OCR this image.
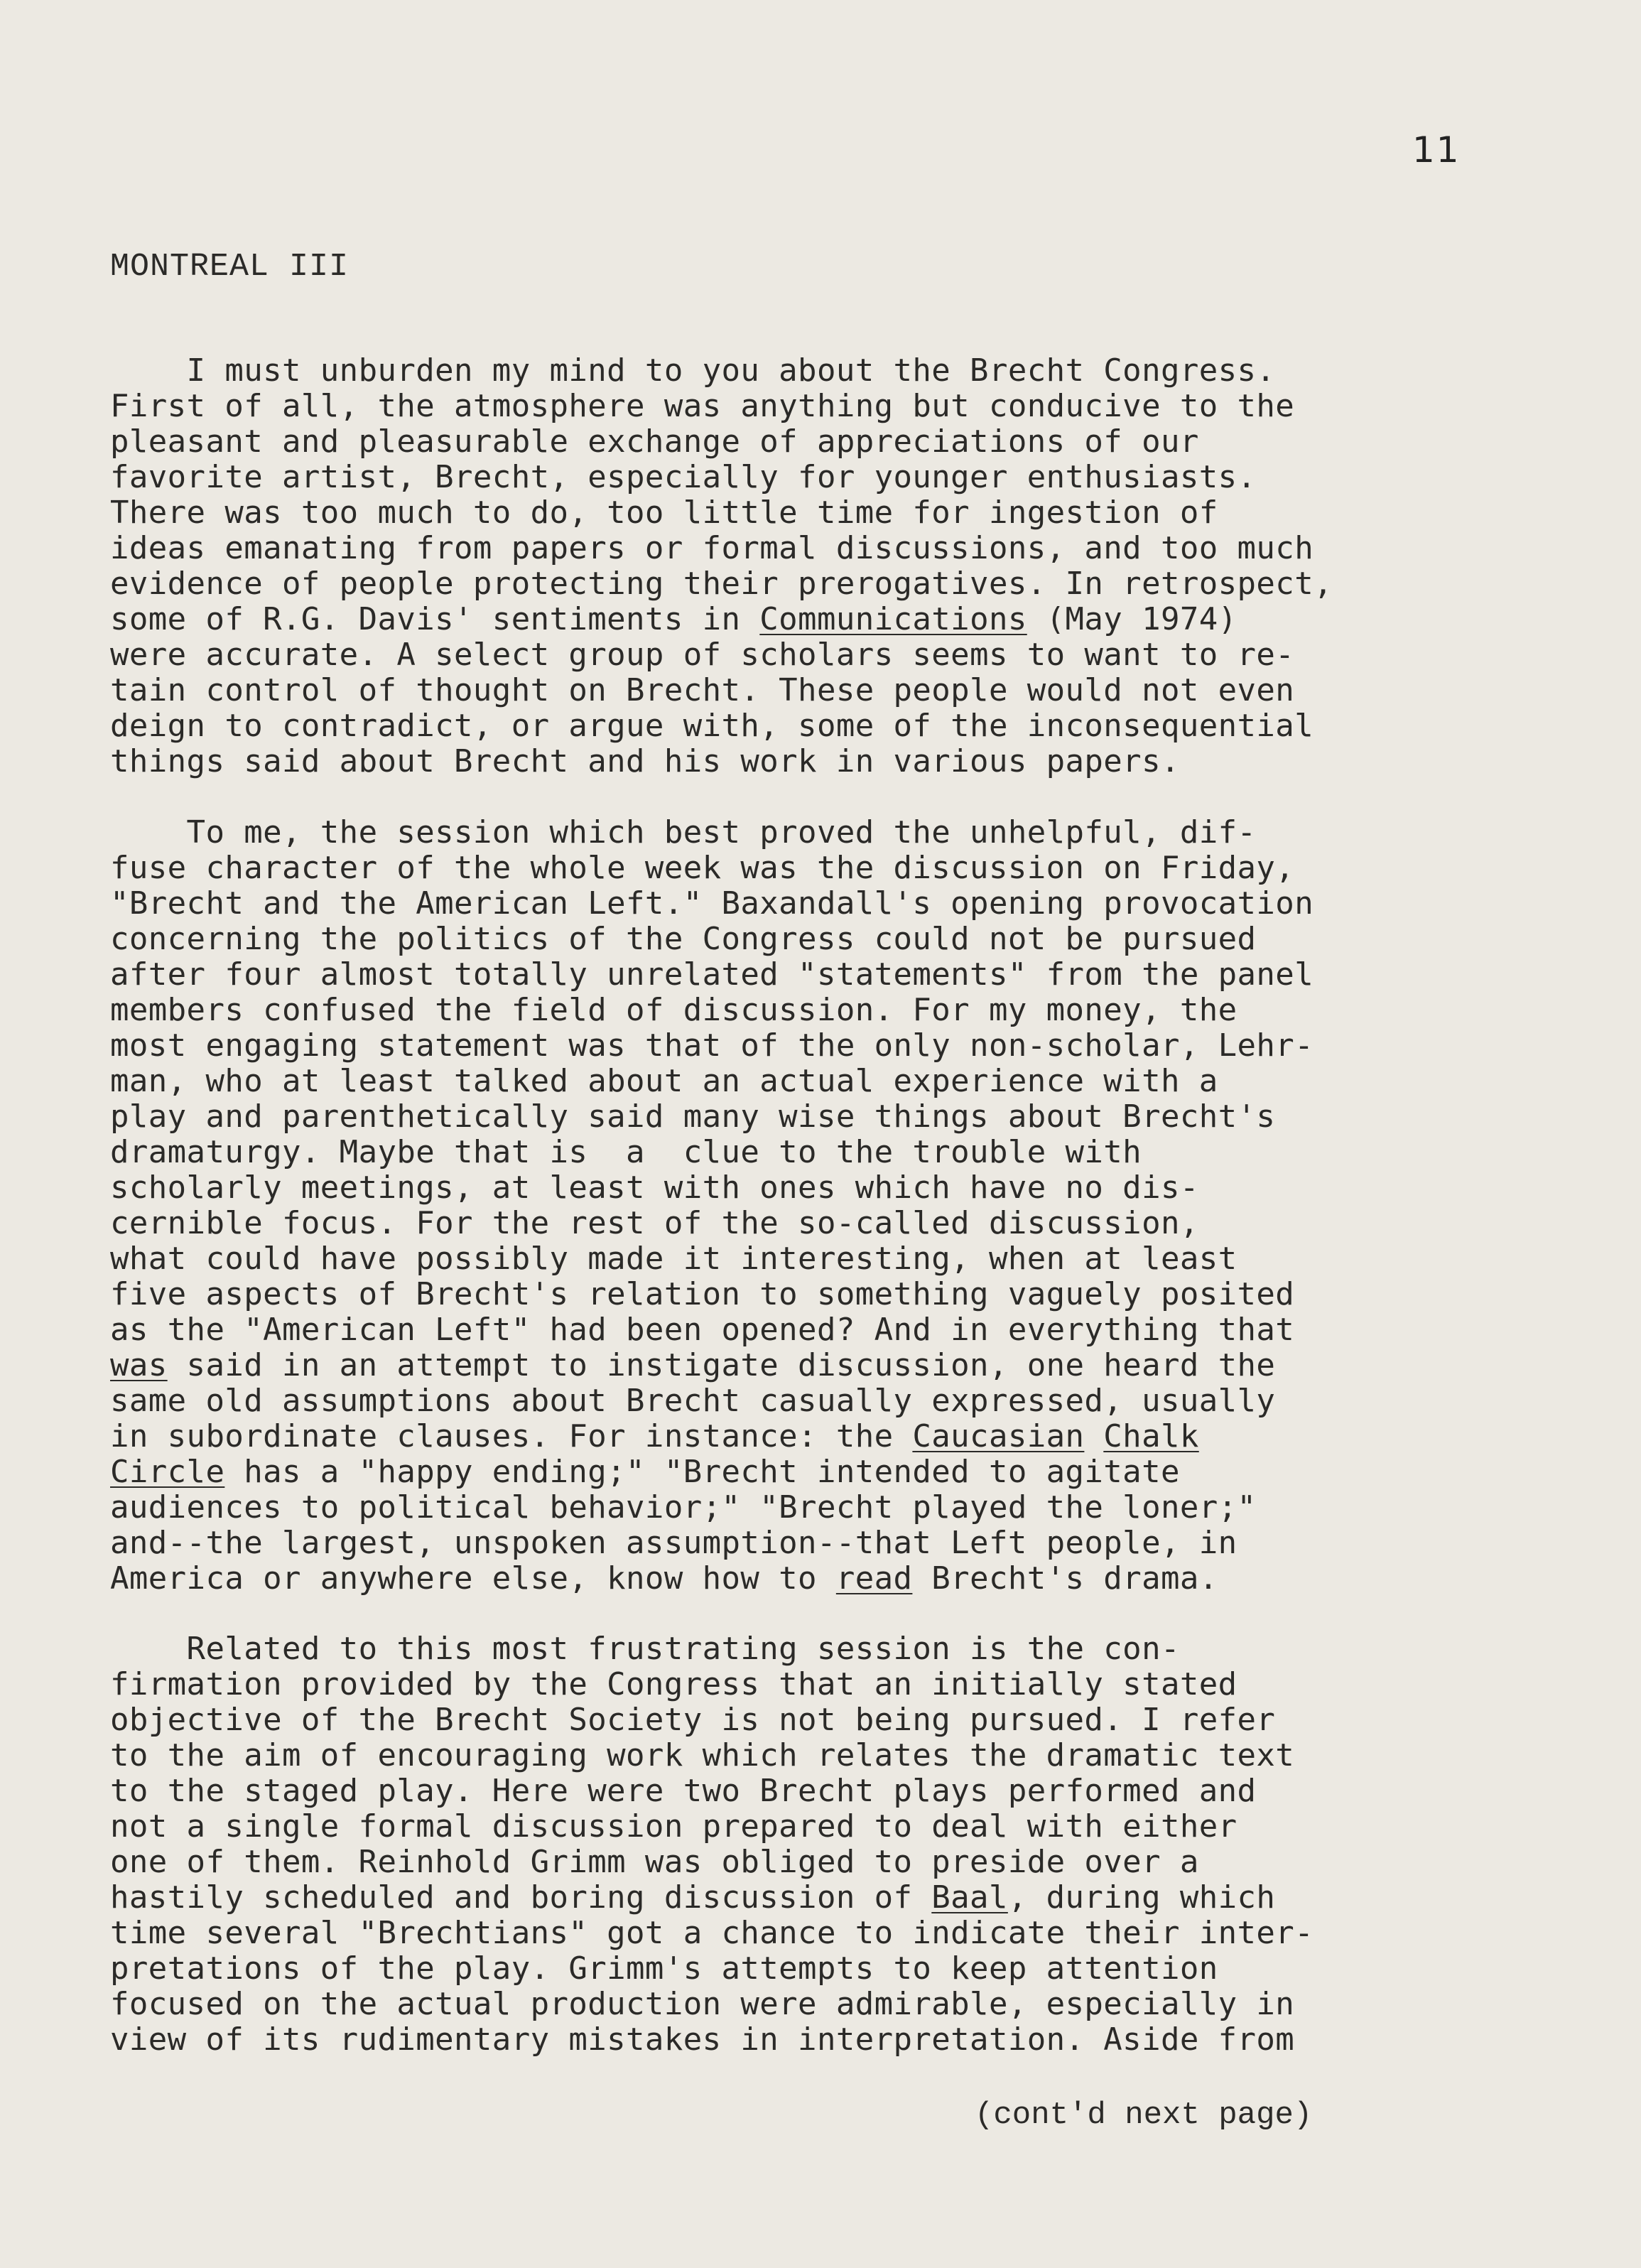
11
MONTREAL III
I must unburden my mind to you about the Brecht Congress.
First of all, the atmosphere was anything but conducive to the
pleasant and pleasurable exchange of appreciations of our
favorite artist, Brecht, especially for younger enthusiasts.
There was too much to do, too little time for ingestion of
ideas emanating from papers or formal discussions, and too much
evidence of people protecting their prerogatives. In retrospect,
some of R.G. Davis' sentiments in Communications (May 1974)
were accurate. A select group of scholars seems to want to re-
tain control of thought on Brecht. These people would not even
deign to contradict, or argue with, some of the inconsequential
things said about Brecht and his work in various papers.
To me, the session which best proved the unhelpful, dif-
fuse character of the whole week was the discussion on Friday,
"Brecht and the American Left." Baxandall's opening provocation
concerning the politics of the Congress could not be pursued
after four almost totally unrelated "statements" from the panel
members confused the field of discussion. For my money, the
most engaging statement was that of the only non-scholar, Lehr-
man, who at least talked about an actual experience with a
play and parenthetically said many wise things about Brecht's
dramaturgy. Maybe that is  a  clue to the trouble with
scholarly meetings, at least with ones which have no dis-
cernible focus. For the rest of the so-called discussion,
what could have possibly made it interesting, when at least
five aspects of Brecht's relation to something vaguely posited
as the "American Left" had been opened? And in everything that
was said in an attempt to instigate discussion, one heard the
same old assumptions about Brecht casually expressed, usually
in subordinate clauses. For instance: the Caucasian Chalk
Circle has a "happy ending;" "Brecht intended to agitate
audiences to political behavior;" "Brecht played the loner;"
and--the largest, unspoken assumption--that Left people, in
America or anywhere else, know how to read Brecht's drama.
Related to this most frustrating session is the con-
firmation provided by the Congress that an initially stated
objective of the Brecht Society is not being pursued. I refer
to the aim of encouraging work which relates the dramatic text
to the staged play. Here were two Brecht plays performed and
not a single formal discussion prepared to deal with either
one of them. Reinhold Grimm was obliged to preside over a
hastily scheduled and boring discussion of Baal, during which
time several "Brechtians" got a chance to indicate their inter-
pretations of the play. Grimm's attempts to keep attention
focused on the actual production were admirable, especially in
view of its rudimentary mistakes in interpretation. Aside from
(cont'd next page)
